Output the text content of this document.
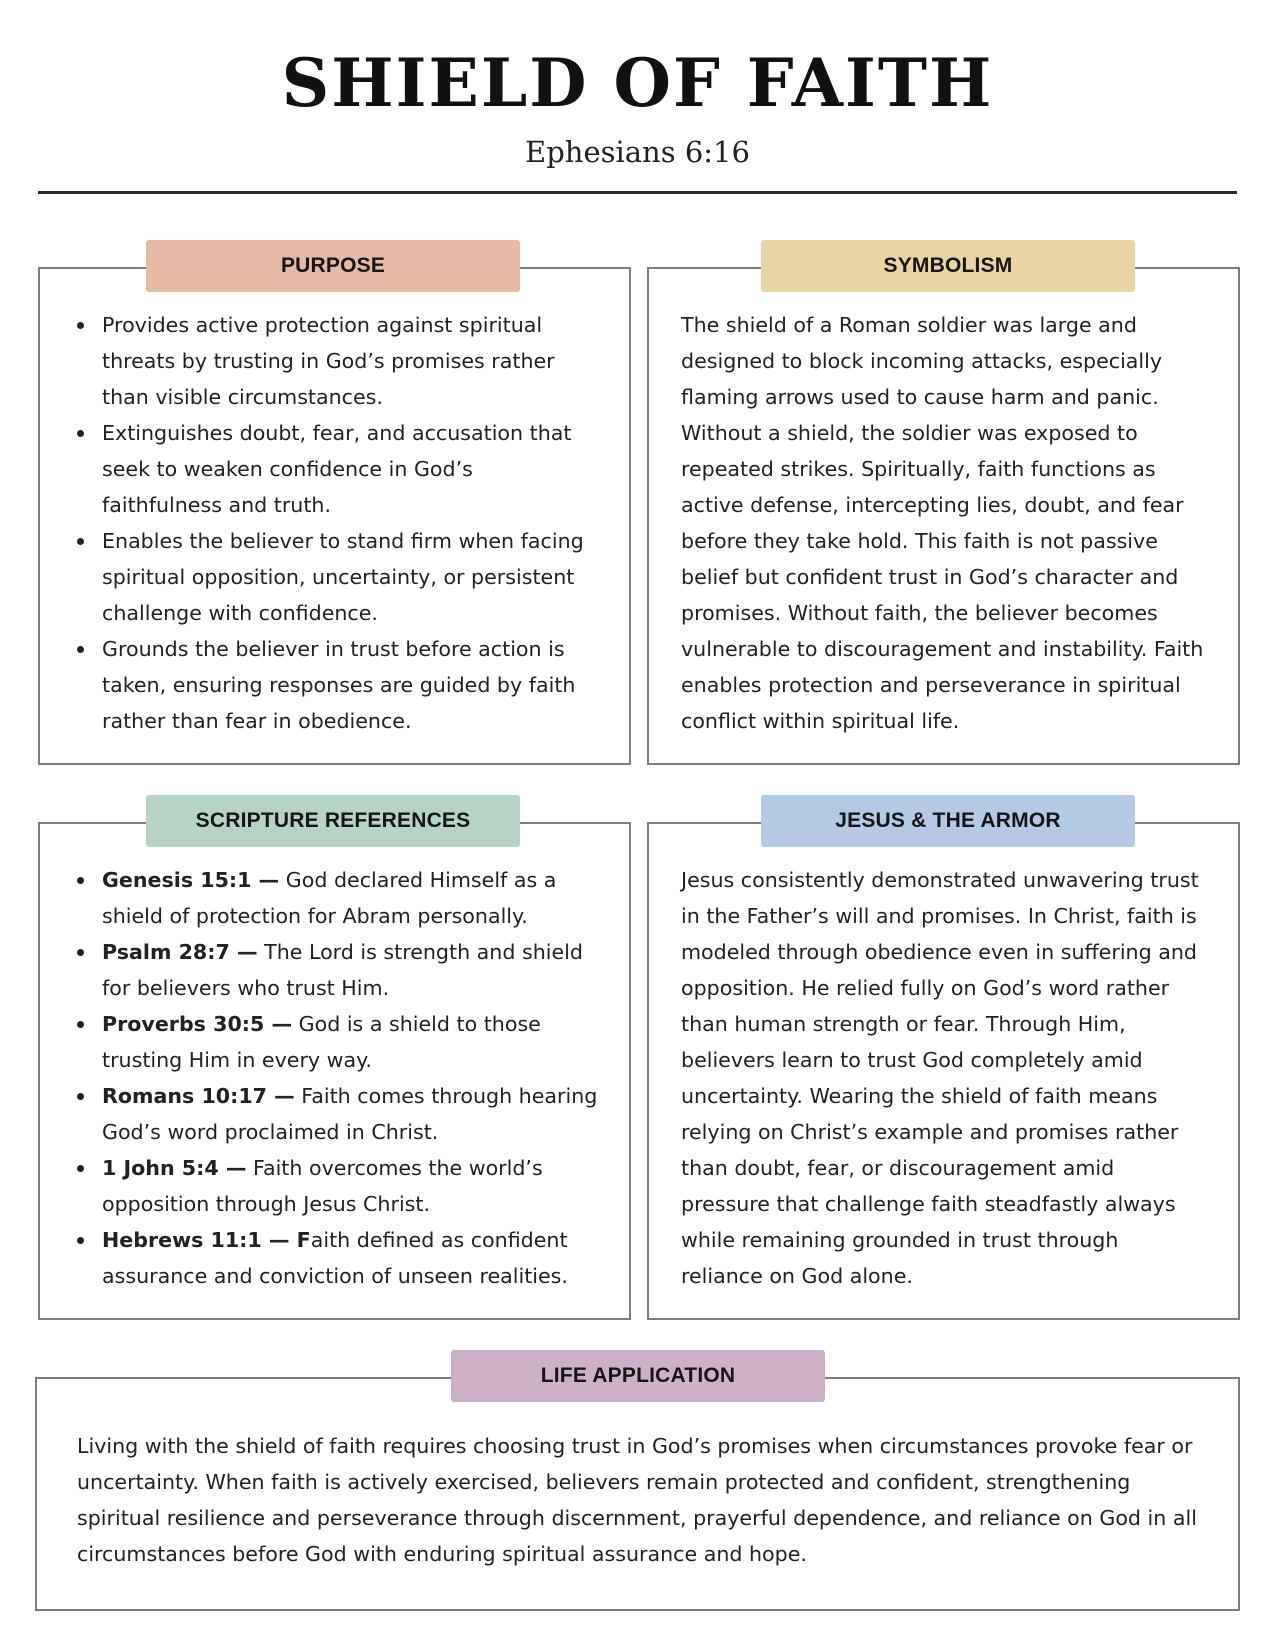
SHIELD OF FAITH
Ephesians 6:16
Provides active protection against spiritual threats by trusting in God’s promises rather than visible circumstances.
Extinguishes doubt, fear, and accusation that seek to weaken confidence in God’s faithfulness and truth.
Enables the believer to stand firm when facing spiritual opposition, uncertainty, or persistent challenge with confidence.
Grounds the believer in trust before action is taken, ensuring responses are guided by faith rather than fear in obedience.
PURPOSE

The shield of a Roman soldier was large and designed to block incoming attacks, especially flaming arrows used to cause harm and panic. Without a shield, the soldier was exposed to repeated strikes. Spiritually, faith functions as active defense, intercepting lies, doubt, and fear before they take hold. This faith is not passive belief but confident trust in God’s character and promises. Without faith, the believer becomes vulnerable to discouragement and instability. Faith enables protection and perseverance in spiritual conflict within spiritual life.

SYMBOLISM
Genesis 15:1 — God declared Himself as a shield of protection for Abram personally.
Psalm 28:7 — The Lord is strength and shield for believers who trust Him.
Proverbs 30:5 — God is a shield to those trusting Him in every way.
Romans 10:17 — Faith comes through hearing God’s word proclaimed in Christ.
1 John 5:4 — Faith overcomes the world’s opposition through Jesus Christ.
Hebrews 11:1 — Faith defined as confident assurance and conviction of unseen realities.
SCRIPTURE REFERENCES

Jesus consistently demonstrated unwavering trust in the Father’s will and promises. In Christ, faith is modeled through obedience even in suffering and opposition. He relied fully on God’s word rather than human strength or fear. Through Him, believers learn to trust God completely amid uncertainty. Wearing the shield of faith means relying on Christ’s example and promises rather than doubt, fear, or discouragement amid pressure that challenge faith steadfastly always while remaining grounded in trust through reliance on God alone.

JESUS & THE ARMOR

Living with the shield of faith requires choosing trust in God’s promises when circumstances provoke fear or uncertainty. When faith is actively exercised, believers remain protected and confident, strengthening spiritual resilience and perseverance through discernment, prayerful dependence, and reliance on God in all circumstances before God with enduring spiritual assurance and hope.

LIFE APPLICATION
